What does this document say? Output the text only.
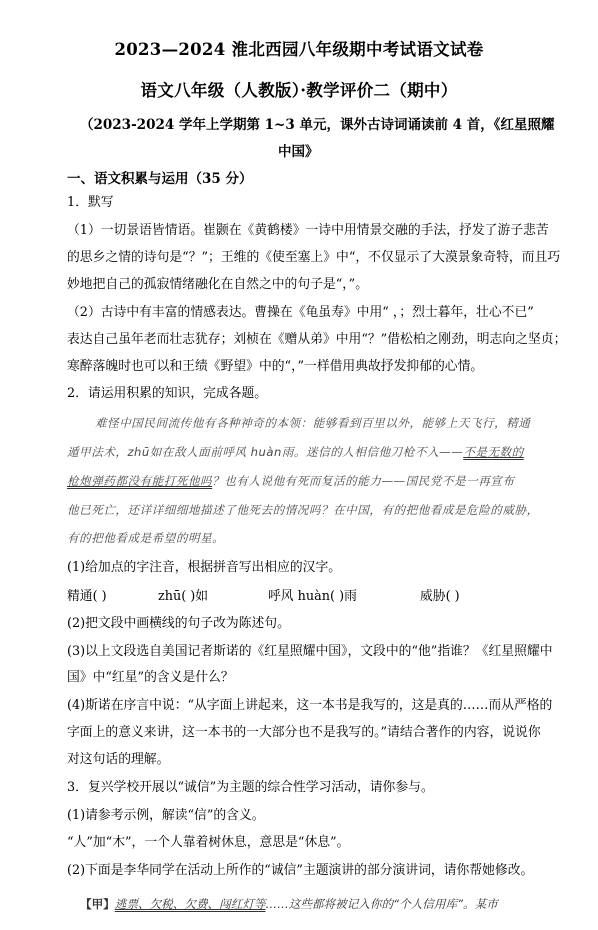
2023—2024 淮北西园八年级期中考试语文试卷
语文八年级（人教版）·教学评价二（期中）
（2023-2024 学年上学期第 1~3 单元，课外古诗词诵读前 4 首，《红星照耀
中国》
一、语文积累与运用（35 分）
1．默写
（1）一切景语皆情语。崔颢在《黄鹤楼》一诗中用情景交融的手法，抒发了游子悲苦
的思乡之情的诗句是“？”；王维的《使至塞上》中“，不仅显示了大漠景象奇特，而且巧
妙地把自己的孤寂情绪融化在自然之中的句子是“，”。
（2）古诗中有丰富的情感表达。曹操在《龟虽寿》中用“ ，；烈士暮年，壮心不已”
表达自己虽年老而壮志犹存；刘桢在《赠从弟》中用“？”借松柏之刚劲，明志向之坚贞；
寒醉落魄时也可以和王绩《野望》中的“，”一样借用典故抒发抑郁的心情。
2．请运用积累的知识，完成各题。
难怪中国民间流传他有各种神奇的本领：能够看到百里以外，能够上天飞行，精通
遁甲法术，zhū如在敌人面前呼风 huàn雨。迷信的人相信他刀枪不入——不是无数的
枪炮弹药都没有能打死他吗？也有人说他有死而复活的能力——国民党不是一再宣布
他已死亡，还详详细细地描述了他死去的情况吗？在中国，有的把他看成是危险的威胁，
有的把他看成是希望的明星。
(1)给加点的字注音，根据拼音写出相应的汉字。
精通( )	zhū( )如	呼风 huàn( )雨	威胁( )
(2)把文段中画横线的句子改为陈述句。
(3)以上文段选自美国记者斯诺的《红星照耀中国》，文段中的“他”指谁？《红星照耀中
国》中“红星”的含义是什么？
(4)斯诺在序言中说：“从字面上讲起来，这一本书是我写的，这是真的……而从严格的
字面上的意义来讲，这一本书的一大部分也不是我写的。”请结合著作的内容，说说你
对这句话的理解。
3．复兴学校开展以“诚信”为主题的综合性学习活动，请你参与。
(1)请参考示例，解读“信”的含义。
“人”加“木”，一个人靠着树休息，意思是“休息”。
(2)下面是李华同学在活动上所作的“诚信”主题演讲的部分演讲词，请你帮她修改。
【甲】逃票、欠税、欠费、闯红灯等……这些都将被记入你的“个人信用库”。某市
